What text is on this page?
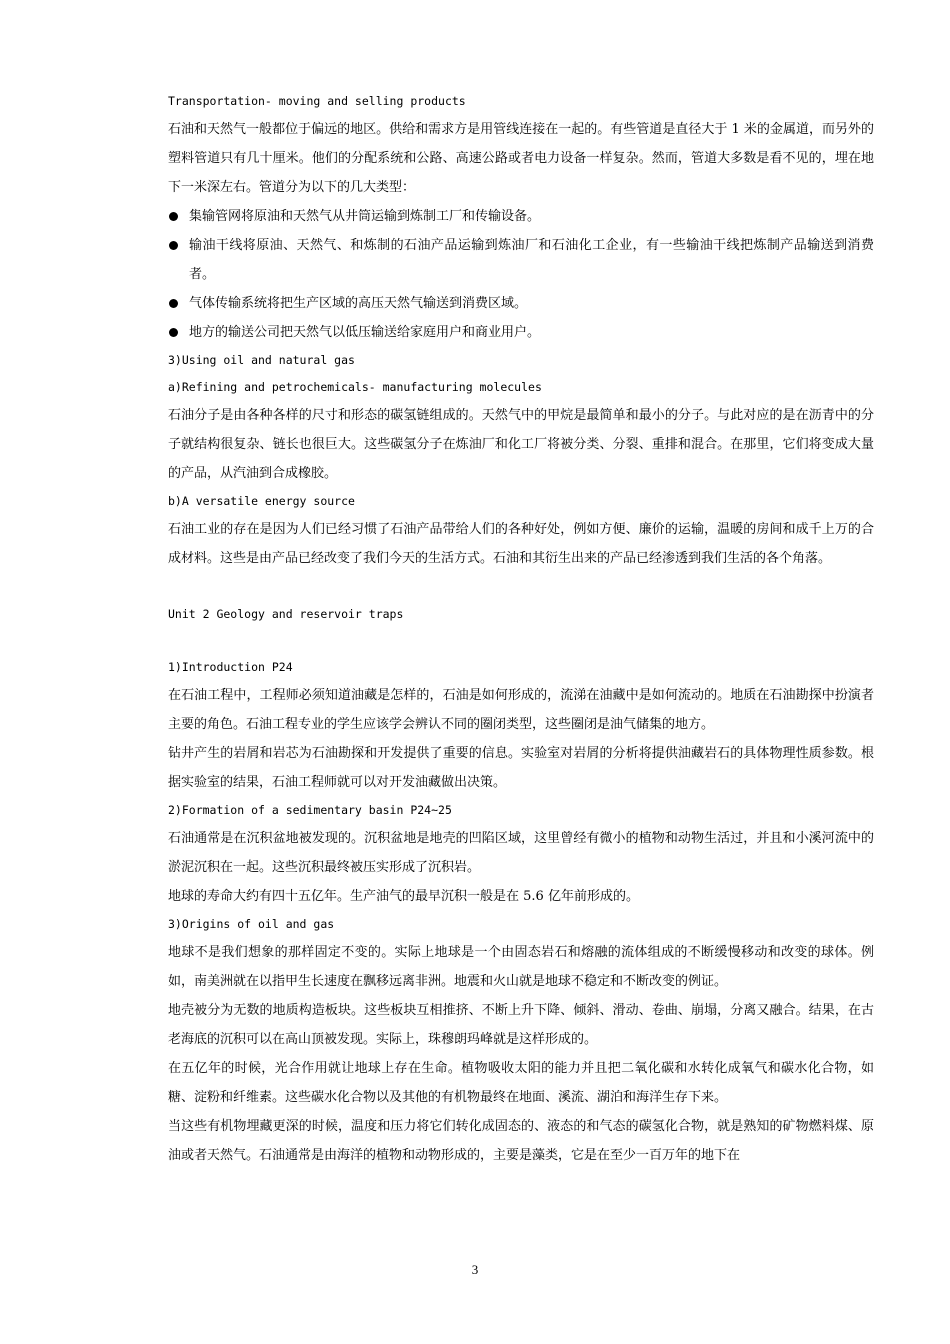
Transportation- moving and selling products

石油和天然气一般都位于偏远的地区。供给和需求方是用管线连接在一起的。有些管道是直径大于 1 米的金属道，而另外的塑料管道只有几十厘米。他们的分配系统和公路、高速公路或者电力设备一样复杂。然而，管道大多数是看不见的，埋在地下一米深左右。管道分为以下的几大类型：

集输管网将原油和天然气从井筒运输到炼制工厂和传输设备。

输油干线将原油、天然气、和炼制的石油产品运输到炼油厂和石油化工企业，有一些输油干线把炼制产品输送到消费者。

气体传输系统将把生产区域的高压天然气输送到消费区域。

地方的输送公司把天然气以低压输送给家庭用户和商业用户。

3)Using oil and natural gas

a)Refining and petrochemicals- manufacturing molecules

石油分子是由各种各样的尺寸和形态的碳氢链组成的。天然气中的甲烷是最简单和最小的分子。与此对应的是在沥青中的分子就结构很复杂、链长也很巨大。这些碳氢分子在炼油厂和化工厂将被分类、分裂、重排和混合。在那里，它们将变成大量的产品，从汽油到合成橡胶。

b)A versatile energy source

石油工业的存在是因为人们已经习惯了石油产品带给人们的各种好处，例如方便、廉价的运输，温暖的房间和成千上万的合成材料。这些是由产品已经改变了我们今天的生活方式。石油和其衍生出来的产品已经渗透到我们生活的各个角落。

Unit 2 Geology and reservoir traps

1)Introduction P24

在石油工程中，工程师必须知道油藏是怎样的，石油是如何形成的，流涕在油藏中是如何流动的。地质在石油勘探中扮演者主要的角色。石油工程专业的学生应该学会辨认不同的圈闭类型，这些圈闭是油气储集的地方。

钻井产生的岩屑和岩芯为石油勘探和开发提供了重要的信息。实验室对岩屑的分析将提供油藏岩石的具体物理性质参数。根据实验室的结果，石油工程师就可以对开发油藏做出决策。

2)Formation of a sedimentary basin P24~25

石油通常是在沉积盆地被发现的。沉积盆地是地壳的凹陷区域，这里曾经有微小的植物和动物生活过，并且和小溪河流中的淤泥沉积在一起。这些沉积最终被压实形成了沉积岩。

地球的寿命大约有四十五亿年。生产油气的最早沉积一般是在 5.6 亿年前形成的。

3)Origins of oil and gas

地球不是我们想象的那样固定不变的。实际上地球是一个由固态岩石和熔融的流体组成的不断缓慢移动和改变的球体。例如，南美洲就在以指甲生长速度在飘移远离非洲。地震和火山就是地球不稳定和不断改变的例证。

地壳被分为无数的地质构造板块。这些板块互相推挤、不断上升下降、倾斜、滑动、卷曲、崩塌，分离又融合。结果，在古老海底的沉积可以在高山顶被发现。实际上，珠穆朗玛峰就是这样形成的。

在五亿年的时候，光合作用就让地球上存在生命。植物吸收太阳的能力并且把二氧化碳和水转化成氧气和碳水化合物，如糖、淀粉和纤维素。这些碳水化合物以及其他的有机物最终在地面、溪流、湖泊和海洋生存下来。

当这些有机物埋藏更深的时候，温度和压力将它们转化成固态的、液态的和气态的碳氢化合物，就是熟知的矿物燃料煤、原油或者天然气。石油通常是由海洋的植物和动物形成的，主要是藻类，它是在至少一百万年的地下在

3
